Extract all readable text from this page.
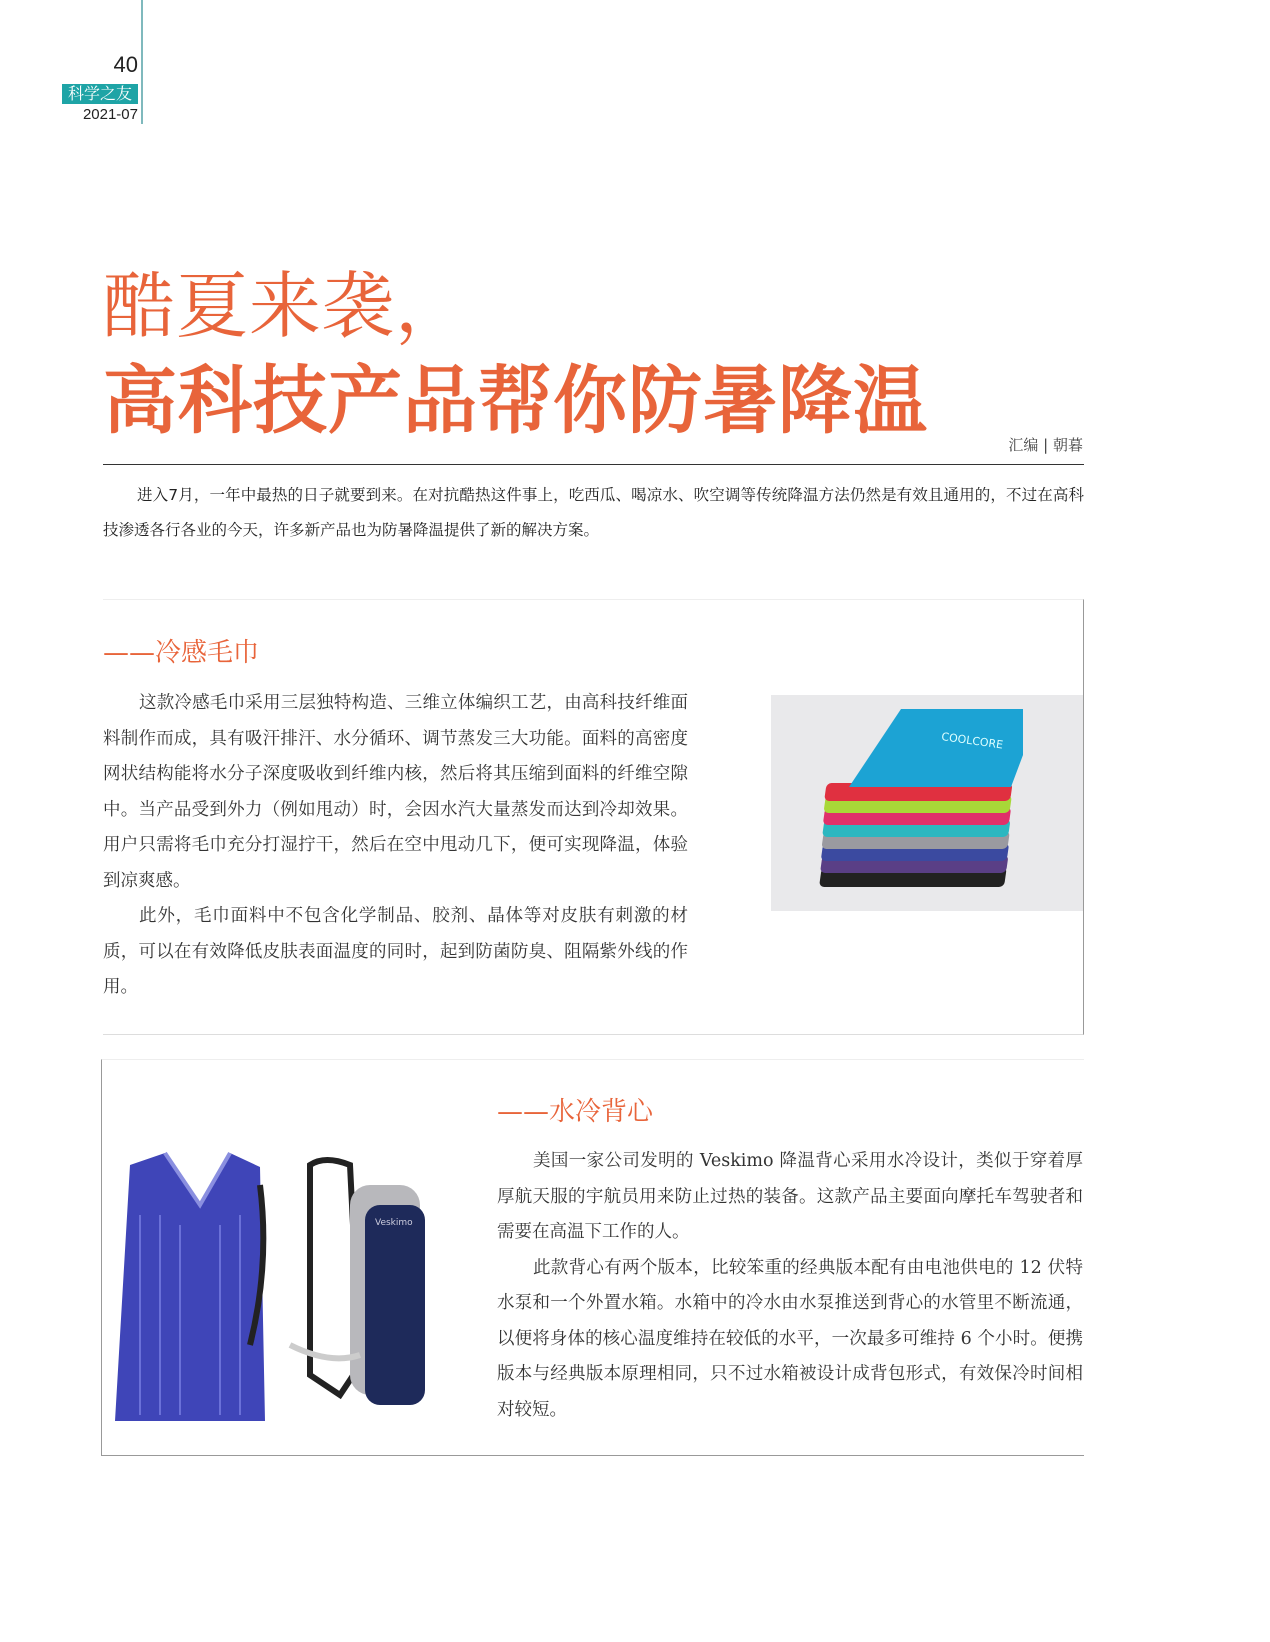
40
科学之友
2021-07
酷夏来袭，
高科技产品帮你防暑降温
汇编 | 朝暮
进入7月，一年中最热的日子就要到来。在对抗酷热这件事上，吃西瓜、喝凉水、吹空调等传统降温方法仍然是有效且通用的，不过在高科技渗透各行各业的今天，许多新产品也为防暑降温提供了新的解决方案。
——冷感毛巾

这款冷感毛巾采用三层独特构造、三维立体编织工艺，由高科技纤维面料制作而成，具有吸汗排汗、水分循环、调节蒸发三大功能。面料的高密度网状结构能将水分子深度吸收到纤维内核，然后将其压缩到面料的纤维空隙中。当产品受到外力（例如甩动）时，会因水汽大量蒸发而达到冷却效果。用户只需将毛巾充分打湿拧干，然后在空中甩动几下，便可实现降温，体验到凉爽感。

此外，毛巾面料中不包含化学制品、胶剂、晶体等对皮肤有刺激的材质，可以在有效降低皮肤表面温度的同时，起到防菌防臭、阻隔紫外线的作用。

COOLCORE
——水冷背心

美国一家公司发明的 Veskimo 降温背心采用水冷设计，类似于穿着厚厚航天服的宇航员用来防止过热的装备。这款产品主要面向摩托车驾驶者和需要在高温下工作的人。

此款背心有两个版本，比较笨重的经典版本配有由电池供电的 12 伏特水泵和一个外置水箱。水箱中的冷水由水泵推送到背心的水管里不断流通，以便将身体的核心温度维持在较低的水平，一次最多可维持 6 个小时。便携版本与经典版本原理相同，只不过水箱被设计成背包形式，有效保冷时间相对较短。

Veskimo
